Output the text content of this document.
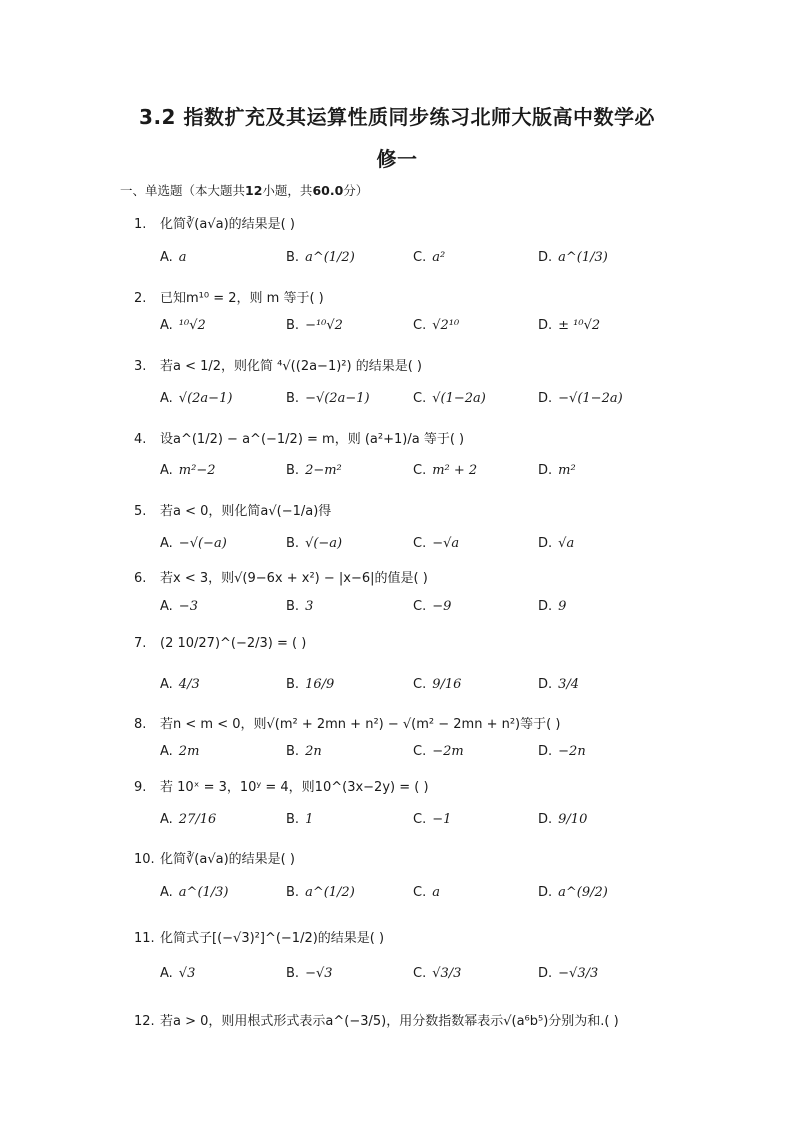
3.2 指数扩充及其运算性质同步练习北师大版高中数学必
修一
一、单选题（本大题共12小题，共60.0分）
1. 化简∛(a√a)的结果是( )
A. a	B. a^(1/2)	C. a²	D. a^(1/3)
2. 已知m¹⁰ = 2，则 m 等于( )
A. ¹⁰√2	B. −¹⁰√2	C. √2¹⁰	D. ± ¹⁰√2
3. 若a < 1/2，则化简 ⁴√((2a−1)²) 的结果是( )
A. √(2a−1)	B. −√(2a−1)	C. √(1−2a)	D. −√(1−2a)
4. 设a^(1/2) − a^(−1/2) = m，则 (a²+1)/a 等于( )
A. m²−2	B. 2−m²	C. m² + 2	D. m²
5. 若a < 0，则化简a√(−1/a)得
A. −√(−a)	B. √(−a)	C. −√a	D. √a
6. 若x < 3，则√(9−6x + x²) − |x−6|的值是( )
A. −3	B. 3	C. −9	D. 9
7. (2 10/27)^(−2/3) = ( )
A. 4/3	B. 16/9	C. 9/16	D. 3/4
8. 若n < m < 0，则√(m² + 2mn + n²) − √(m² − 2mn + n²)等于( )
A. 2m	B. 2n	C. −2m	D. −2n
9. 若 10ˣ = 3，10ʸ = 4，则10^(3x−2y) = ( )
A. 27/16	B. 1	C. −1	D. 9/10
10. 化简∛(a√a)的结果是( )
A. a^(1/3)	B. a^(1/2)	C. a	D. a^(9/2)
11. 化简式子[(−√3)²]^(−1/2)的结果是( )
A. √3	B. −√3	C. √3/3	D. −√3/3
12. 若a > 0，则用根式形式表示a^(−3/5)，用分数指数幂表示√(a⁶b⁵)分别为和.( )
